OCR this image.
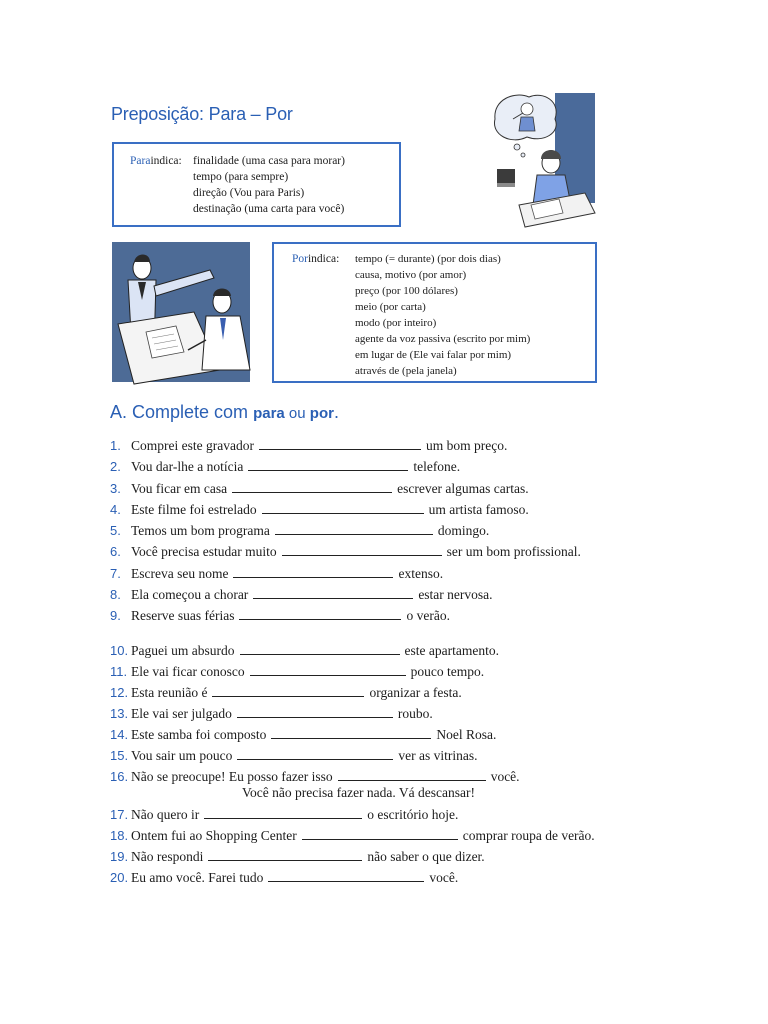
Preposição: Para – Por
Paraindica: finalidade (uma casa para morar)
tempo (para sempre)
direção (Vou para Paris)
destinação (uma carta para você)
Porindica:	tempo (= durante) (por dois dias)
causa, motivo (por amor)
preço (por 100 dólares)
meio (por carta)
modo (por inteiro)
agente da voz passiva (escrito por mim)
em lugar de (Ele vai falar por mim)
através de (pela janela)
A. Complete com para ou por.
1. Comprei este gravador	um bom preço.
2. Vou dar-lhe a notícia	telefone.
3. Vou ficar em casa	escrever algumas cartas.
4. Este filme foi estrelado	um artista famoso.
5. Temos um bom programa	domingo.
6. Você precisa estudar muito	ser um bom profissional.
7. Escreva seu nome	extenso.
8. Ela começou a chorar	estar nervosa.
9. Reserve suas férias	o verão.
10. Paguei um absurdo	este apartamento.
11. Ele vai ficar conosco	pouco tempo.
12. Esta reunião é	organizar a festa.
13. Ele vai ser julgado	roubo.
14. Este samba foi composto	Noel Rosa.
15. Vou sair um pouco	ver as vitrinas.
16. Não se preocupe! Eu posso fazer isso	você.
Você não precisa fazer nada. Vá descansar!
17. Não quero ir	o escritório hoje.
18. Ontem fui ao Shopping Center	comprar roupa de verão.
19. Não respondi	não saber o que dizer.
20. Eu amo você. Farei tudo	você.
